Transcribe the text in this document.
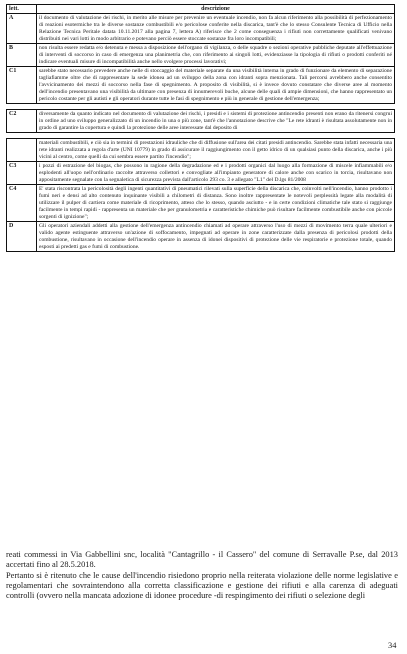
lett.	descrizione
A	il documento di valutazione dei rischi, in merito alle misure per prevenire un eventuale incendio, non fa alcun riferimento alla possibilità di perfezionamento di reazioni esotermiche tra le diverse sostanze combustibili e/o pericolose conferite nella discarica, tant'è che lo stesso Consulente Tecnica di Ufficio nella Relazione Tecnica Peritale datata 10.11.2017 alla pagina 7, lettera A) riferisce che 2 come conseguenza i rifiuti non correttamente qualificati venivano distribuiti nei vari lotti in modo arbitrario e potevano perciò essere stoccate sostanze fra loro incompatibili;
B	non risulta essere redatta e/o detenuta e messa a disposizione dell'organo di vigilanza, o delle squadre o sezioni operative pubbliche deputate all'effettuazione di interventi di soccorso in caso di emergenza una planimetria che, con riferimento ai singoli lotti, evidenziasse la tipologia di rifiuti o prodotti conferiti né indicare eventuali misure di incompatibilità anche nello svolgere processi lavorativi;
C1	sarebbe stato necessario prevedere anche nelle di stoccaggio del materiale separate da una visibilità interna in grado di funzionare da elemento di separazione tagliafiamme oltre che di rappresentare la sede idonea ad un sviluppo della zona con idranti sopra menzionata. Tali percorsi avrebbero anche consentito l'avvicinamento dei mezzi di soccorso nella fase di spegnimento. A proposito di visibilità, si è invece dovuto constatare che diverse aree al momento dell'incendio presentavano una visibilità da ultimare con presenza di innumerevoli buche, alcune delle quali di ampie dimensioni, che hanno rappresentato un pericolo costante per gli autisti e gli operatori durante tutte le fasi di spegnimento e più in generale di gestione dell'emergenza;

C2	diversamente da quanto indicato nel documento di valutazione dei rischi, i presidi e i sistemi di protezione antincendio presenti non erano da ritenersi congrui in ordine ad uno sviluppo generalizzato di un incendio in una o più zone, tant'è che l'annotazione descrive che "Le rete idranti è risultata assolutamente non in grado di garantire la copertura e quindi la protezione delle aree interessate dal deposito di

	materiali combustibili, e ciò sia in termini di prestazioni idrauliche che di diffusione sull'area dei citati presidi antincendio. Sarebbe stata infatti necessaria una rete idranti realizzata a regola d'arte (UNI 10779) in grado di assicurare il raggiungimento con il getto idrico di un qualsiasi punto della discarica, anche i più vicini al centro, come quelli da cui sembra essere partito l'incendio";
C3	i pozzi di estrazione del biogas, che possono in ragione della degradazione ed e i prodotti organici dal luogo alla formazione di miscele infiammabili e/o esplodenti all'uopo nell'ordinario raccolte attraverso collettori e convogliate all'impianto generatore di calore anche con scarico in torcia, risultavano non appositamente segnalate con la segnaletica di sicurezza prevista dall'articolo 293 co. 3 e allegato "L1" del D.lgs 81/2008
C4	E' stata riscontrata la pericolosità degli ingenti quantitativi di pneumatici rilevati sulla superficie della discarica che, coinvolti nell'incendio, hanno prodotto i fumi neri e densi ad alto contenuto inquinante visibili a chilometri di distanza. Sono inoltre rappresentate le notevoli perplessità legate alla modalità di utilizzare il pulper di cartiera come materiale di ricoprimento, atteso che lo stesso, quando asciutto - e in certe condizioni climatiche tale stato si raggiunge facilmente in tempi rapidi - rappresenta un materiale che per granulometria e caratteristiche chimiche può risultare facilmente combustibile anche con piccole sorgenti di ignizione";
D	Gli operatori aziendali addetti alla gestione dell'emergenza antincendio chiamati ad operare attraverso l'uso di mezzi di movimento terra quale ulteriori e valido agente estinguente attraverso un'azione di soffocamento, impegnati ad operare in zone caratterizzate dalla presenza di pericolosi prodotti della combustione, risultavano in occasione dell'incendio operare in assenza di idonei dispositivi di protezione delle vie respiratorie e protezione totale, quando esposti ai predetti gas e fumi di combustione.

reati commessi in Via Gabbellini snc, località "Cantagrillo - il Cassero" del comune di Serravalle P.se, dal 2013 accertati fino al 28.5.2018.

Pertanto si è ritenuto che le cause dell'incendio risiedono proprio nella reiterata violazione delle norme legislative e regolamentari che sovraintendono alla corretta classificazione e gestione dei rifiuti e alla carenza di adeguati controlli (ovvero nella mancata adozione di idonee procedure -di respingimento dei rifiuti o selezione degli

34
